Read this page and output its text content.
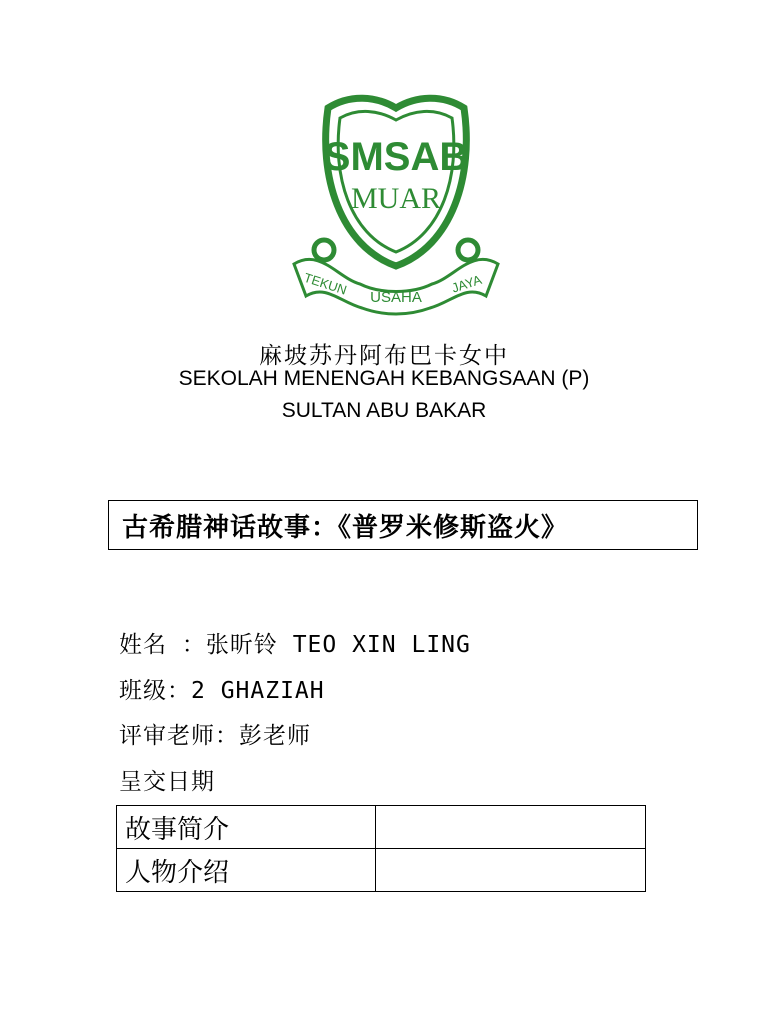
SMSAB
MUAR
TEKUN USAHA
JAYA
麻坡苏丹阿布巴卡女中
SEKOLAH MENENGAH KEBANGSAAN (P)
SULTAN ABU BAKAR
古希腊神话故事：《普罗米修斯盗火》
姓名 ：张昕铃 TEO XIN LING
班级：2 GHAZIAH
评审老师：彭老师
呈交日期
故事简介	
人物介绍	
